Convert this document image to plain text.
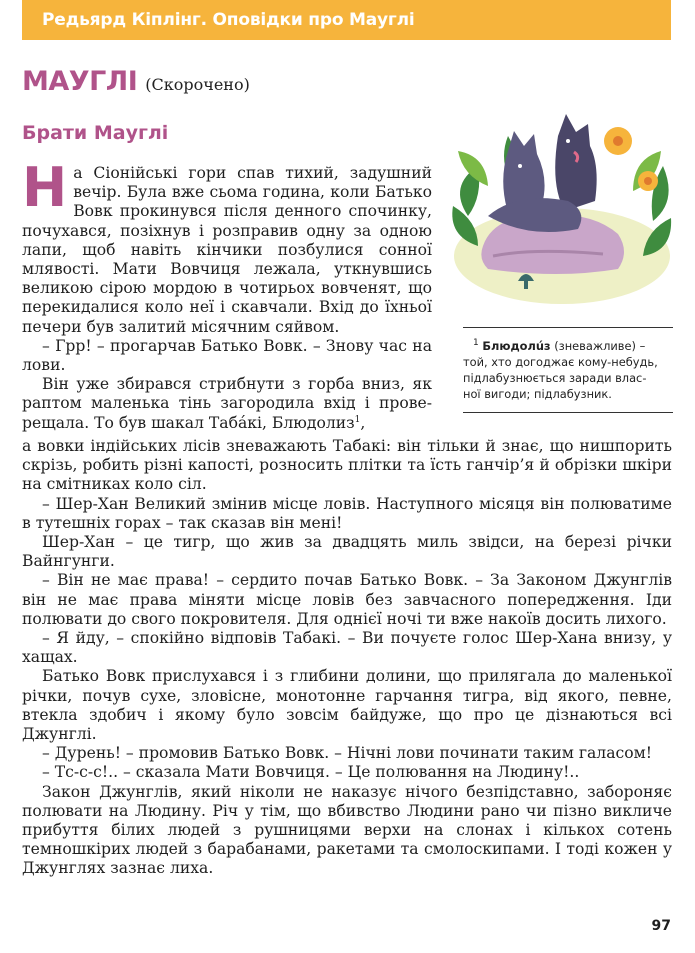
Редьярд Кіплінг. Оповідки про Мауглі
МАУГЛІ (Скорочено)
Брати Мауглі

Н а Сіонійські гори спав тихий, задушний вечір. Була вже сьома година, коли Батько Вовк прокинувся після денного спочинку, почухався, позіхнув і розправив одну за одною лапи, щоб навіть кінчики позбулися сонної млявості. Мати Вовчиця лежала, уткнувшись великою сірою мордою в чотирьох вовченят, що перекидалися коло неї і скавчали. Вхід до їхньої печери був залитий місячним сяйвом.

– Грр! – прогарчав Батько Вовк. – Знову час на лови.

Він уже збирався стрибнути з горба вниз, як раптом маленька тінь загородила вхід і прове- рещала. То був шакал Табáкі, Блюдолиз$^1$,

а вовки індійських лісів зневажають Табакі: він тільки й знає, що нишпорить скрізь, робить різні капості, розносить плітки та їсть ганчір’я й обрізки шкіри на смітниках коло сіл.

– Шер-Хан Великий змінив місце ловів. Наступного місяця він полюватиме в тутешніх горах – так сказав він мені!

Шер-Хан – це тигр, що жив за двадцять миль звідси, на березі річки Вайнгунги.

– Він не має права! – сердито почав Батько Вовк. – За Законом Джунглів він не має права міняти місце ловів без завчасного попередження. Іди полювати до свого покровителя. Для однієї ночі ти вже накоїв досить лихого.

– Я йду, – спокійно відповів Табакі. – Ви почуєте голос Шер-Хана внизу, у хащах.

Батько Вовк прислухався і з глибини долини, що прилягала до маленької річки, почув сухе, зловісне, монотонне гарчання тигра, від якого, певне, втекла здобич і якому було зовсім байдуже, що про це дізнаються всі Джунглі.

– Дурень! – промовив Батько Вовк. – Нічні лови починати таким галасом!

– Тс-с-с!.. – сказала Мати Вовчиця. – Це полювання на Людину!..

Закон Джунглів, який ніколи не наказує нічого безпідставно, забороняє полювати на Людину. Річ у тім, що вбивство Людини рано чи пізно викличе прибуття білих людей з рушницями верхи на слонах і кількох сотень темношкірих людей з барабанами, ракетами та смолоскипами. І тоді кожен у Джунглях зазнає лиха.

$^1$ Блюдолúз (зневажливе) –

той, хто догоджає кому-небудь,
підлабузнюється заради влас-
ної вигоди; підлабузник.
97
